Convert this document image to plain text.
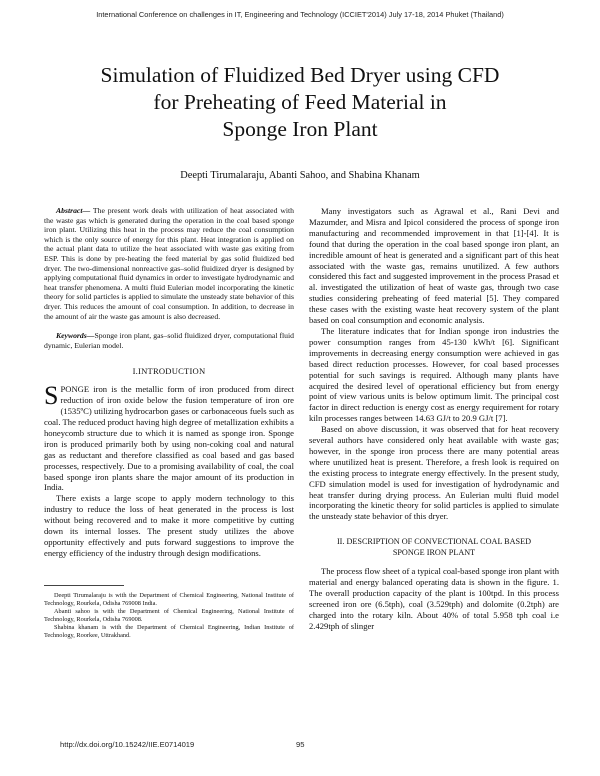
International Conference on challenges in IT, Engineering and Technology (ICCIET'2014) July 17-18, 2014 Phuket (Thailand)
Simulation of Fluidized Bed Dryer using CFD
for Preheating of Feed Material in
Sponge Iron Plant
Deepti Tirumalaraju, Abanti Sahoo, and Shabina Khanam

Abstract— The present work deals with utilization of heat associated with the waste gas which is generated during the operation in the coal based sponge iron plant. Utilizing this heat in the process may reduce the coal consumption which is the only source of energy for this plant. Heat integration is applied on the actual plant data to utilize the heat associated with waste gas exiting from ESP. This is done by pre-heating the feed material by gas solid fluidized bed dryer. The two-dimensional nonreactive gas–solid fluidized dryer is designed by applying computational fluid dynamics in order to investigate hydrodynamic and heat transfer phenomena. A multi fluid Eulerian model incorporating the kinetic theory for solid particles is applied to simulate the unsteady state behavior of this dryer. This reduces the amount of coal consumption. In addition, to decrease in the amount of air the waste gas amount is also decreased.

Keywords—Sponge iron plant, gas–solid fluidized dryer, computational fluid dynamic, Eulerian model.

I.INTRODUCTION

SPONGE iron is the metallic form of iron produced from direct reduction of iron oxide below the fusion temperature of iron ore (1535ºC) utilizing hydrocarbon gases or carbonaceous fuels such as coal. The reduced product having high degree of metallization exhibits a honeycomb structure due to which it is named as sponge iron. Sponge iron is produced primarily both by using non-coking coal and natural gas as reductant and therefore classified as coal based and gas based processes, respectively. Due to a promising availability of coal, the coal based sponge iron plants share the major amount of its production in India.

There exists a large scope to apply modern technology to this industry to reduce the loss of heat generated in the process is lost without being recovered and to make it more competitive by cutting down its internal losses. The present study utilizes the above opportunity effectively and puts forward suggestions to improve the energy efficiency of the industry through design modifications.

Deepti Tirumalaraju is with the Department of Chemical Engineering, National Institute of Technology, Rourkela, Odisha 769008 India.

Abanti sahoo is with the Department of Chemical Engineering, National Institute of Technology, Rourkela, Odisha 769008.

Shabina khanam is with the Department of Chemical Engineering, Indian Institute of Technology, Roorkee, Uttrakhand.

Many investigators such as Agrawal et al., Rani Devi and Mazumder, and Misra and Ipicol considered the process of sponge iron manufacturing and recommended improvement in that [1]-[4]. It is found that during the operation in the coal based sponge iron plant, an incredible amount of heat is generated and a significant part of this heat associated with the waste gas, remains unutilized. A few authors considered this fact and suggested improvement in the process Prasad et al. investigated the utilization of heat of waste gas, through two case studies considering preheating of feed material [5]. They compared these cases with the existing waste heat recovery system of the plant based on coal consumption and economic analysis.

The literature indicates that for Indian sponge iron industries the power consumption ranges from 45-130 kWh/t [6]. Significant improvements in decreasing energy consumption were achieved in gas based direct reduction processes. However, for coal based processes potential for such savings is required. Although many plants have acquired the desired level of operational efficiency but from energy point of view various units is below optimum limit. The principal cost factor in direct reduction is energy cost as energy requirement for rotary kiln processes ranges between 14.63 GJ/t to 20.9 GJ/t [7].

Based on above discussion, it was observed that for heat recovery several authors have considered only heat available with waste gas; however, in the sponge iron process there are many potential areas where unutilized heat is present. Therefore, a fresh look is required on the existing process to integrate energy effectively. In the present study, CFD simulation model is used for investigation of hydrodynamic and heat transfer during drying process. An Eulerian multi fluid model incorporating the kinetic theory for solid particles is applied to simulate the unsteady state behavior of this dryer.

II. DESCRIPTION OF CONVECTIONAL COAL BASED
SPONGE IRON PLANT

The process flow sheet of a typical coal-based sponge iron plant with material and energy balanced operating data is shown in the figure. 1. The overall production capacity of the plant is 100tpd. In this process screened iron ore (6.5tph), coal (3.529tph) and dolomite (0.2tph) are charged into the rotary kiln. About 40% of total 5.958 tph coal i.e 2.429tph of slinger

http://dx.doi.org/10.15242/IIE.E0714019	95
